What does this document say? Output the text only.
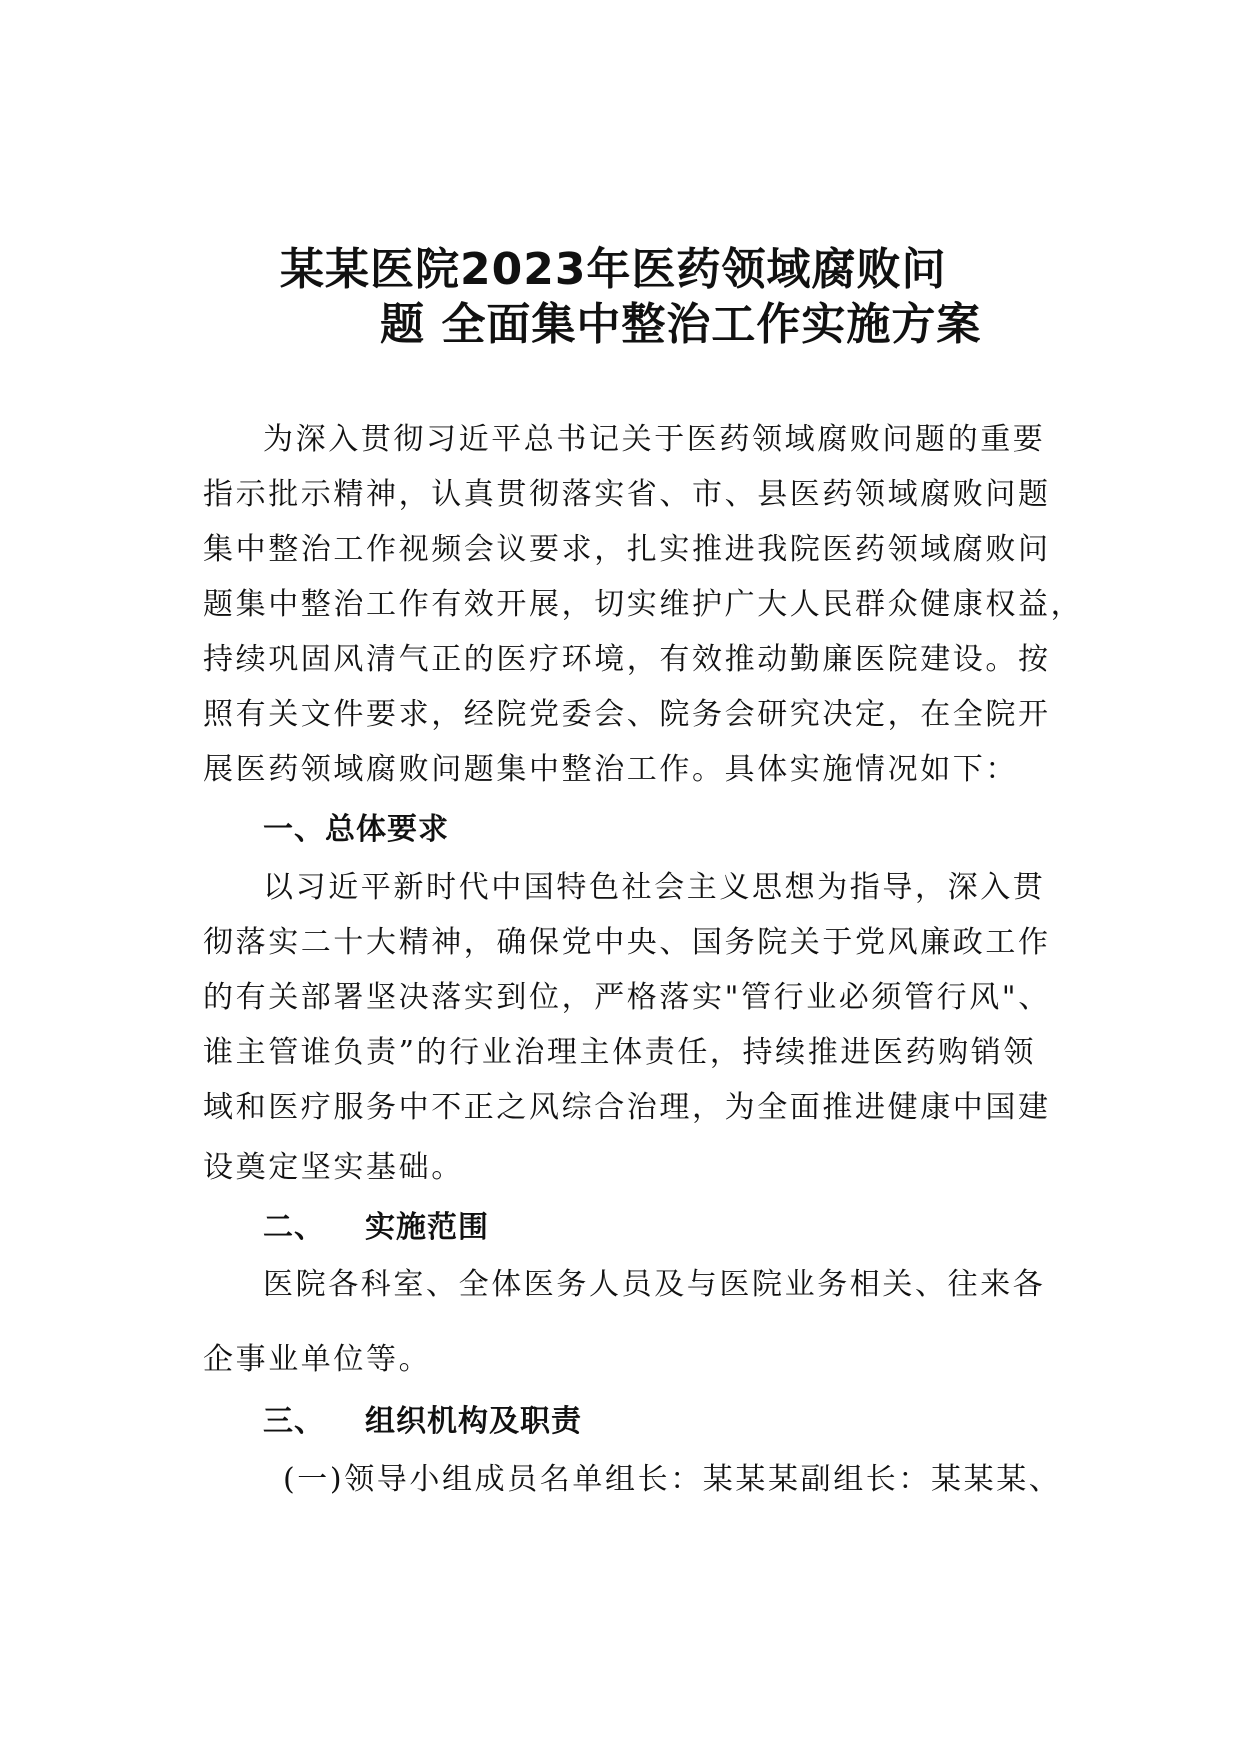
某某医院2023年医药领域腐败问
题 全面集中整治工作实施方案
为深入贯彻习近平总书记关于医药领域腐败问题的重要
指示批示精神，认真贯彻落实省、市、县医药领域腐败问题
集中整治工作视频会议要求，扎实推进我院医药领域腐败问
题集中整治工作有效开展，切实维护广大人民群众健康权益，
持续巩固风清气正的医疗环境，有效推动勤廉医院建设。按
照有关文件要求，经院党委会、院务会研究决定，在全院开
展医药领域腐败问题集中整治工作。具体实施情况如下：
一、总体要求
以习近平新时代中国特色社会主义思想为指导，深入贯
彻落实二十大精神，确保党中央、国务院关于党风廉政工作
的有关部署坚决落实到位，严格落实"管行业必须管行风"、
谁主管谁负责”的行业治理主体责任，持续推进医药购销领
域和医疗服务中不正之风综合治理，为全面推进健康中国建
设奠定坚实基础。
二、 实施范围
医院各科室、全体医务人员及与医院业务相关、往来各
企事业单位等。
三、 组织机构及职责
(一)领导小组成员名单组长：某某某副组长：某某某、
